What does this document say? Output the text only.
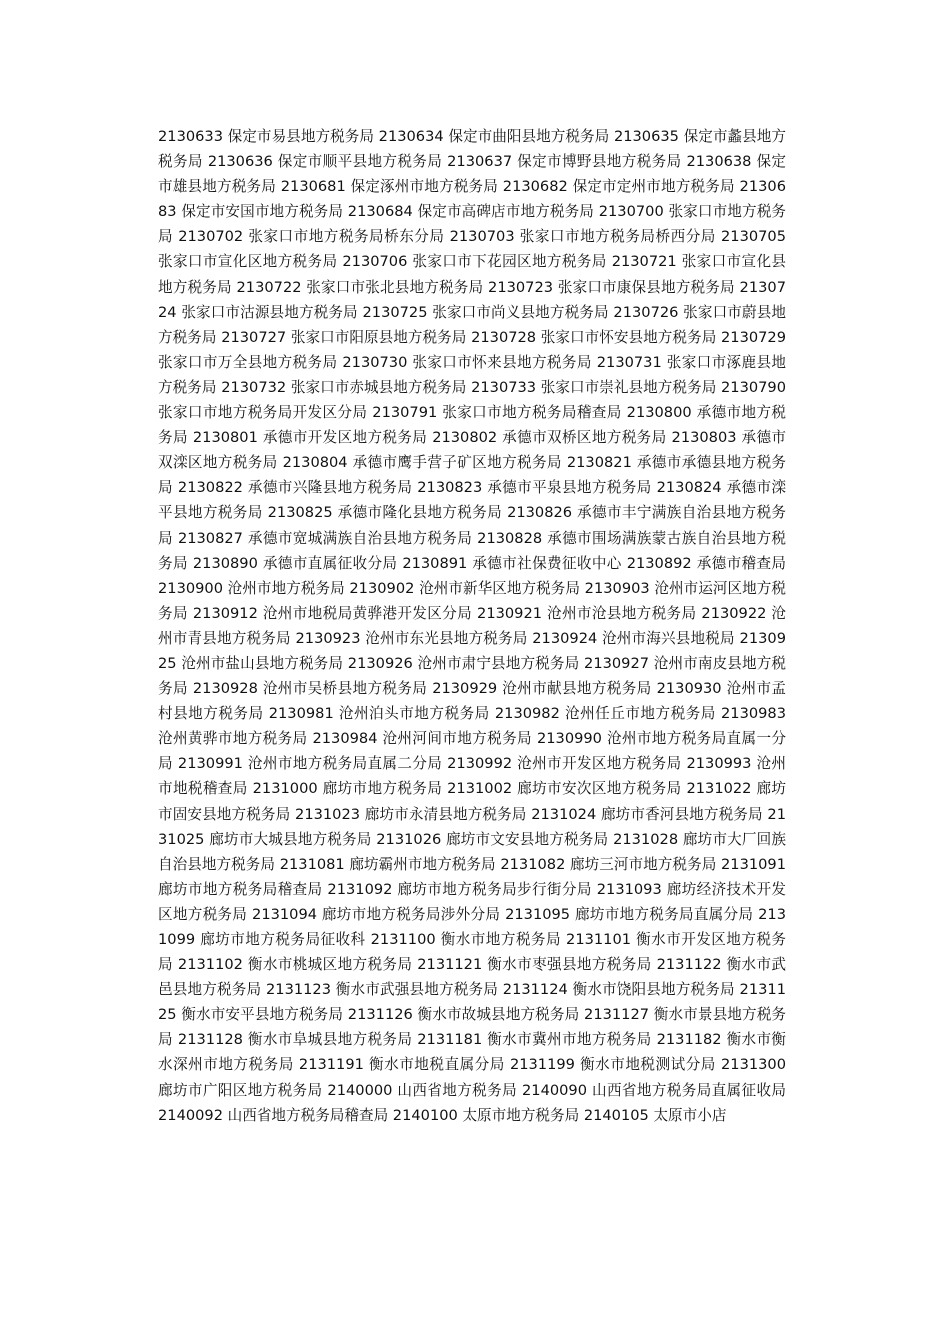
2130633 保定市易县地方税务局 2130634 保定市曲阳县地方税务局 2130635 保定市蠡县地方税务局 2130636 保定市顺平县地方税务局 2130637 保定市博野县地方税务局 2130638 保定市雄县地方税务局 2130681 保定涿州市地方税务局 2130682 保定市定州市地方税务局 2130683 保定市安国市地方税务局 2130684 保定市高碑店市地方税务局 2130700 张家口市地方税务局 2130702 张家口市地方税务局桥东分局 2130703 张家口市地方税务局桥西分局 2130705 张家口市宣化区地方税务局 2130706 张家口市下花园区地方税务局 2130721 张家口市宣化县地方税务局 2130722 张家口市张北县地方税务局 2130723 张家口市康保县地方税务局 2130724 张家口市沽源县地方税务局 2130725 张家口市尚义县地方税务局 2130726 张家口市蔚县地方税务局 2130727 张家口市阳原县地方税务局 2130728 张家口市怀安县地方税务局 2130729 张家口市万全县地方税务局 2130730 张家口市怀来县地方税务局 2130731 张家口市涿鹿县地方税务局 2130732 张家口市赤城县地方税务局 2130733 张家口市崇礼县地方税务局 2130790 张家口市地方税务局开发区分局 2130791 张家口市地方税务局稽查局 2130800 承德市地方税务局 2130801 承德市开发区地方税务局 2130802 承德市双桥区地方税务局 2130803 承德市双滦区地方税务局 2130804 承德市鹰手营子矿区地方税务局 2130821 承德市承德县地方税务局 2130822 承德市兴隆县地方税务局 2130823 承德市平泉县地方税务局 2130824 承德市滦平县地方税务局 2130825 承德市隆化县地方税务局 2130826 承德市丰宁满族自治县地方税务局 2130827 承德市宽城满族自治县地方税务局 2130828 承德市围场满族蒙古族自治县地方税务局 2130890 承德市直属征收分局 2130891 承德市社保费征收中心 2130892 承德市稽查局 2130900 沧州市地方税务局 2130902 沧州市新华区地方税务局 2130903 沧州市运河区地方税务局 2130912 沧州市地税局黄骅港开发区分局 2130921 沧州市沧县地方税务局 2130922 沧州市青县地方税务局 2130923 沧州市东光县地方税务局 2130924 沧州市海兴县地税局 2130925 沧州市盐山县地方税务局 2130926 沧州市肃宁县地方税务局 2130927 沧州市南皮县地方税务局 2130928 沧州市吴桥县地方税务局 2130929 沧州市献县地方税务局 2130930 沧州市孟村县地方税务局 2130981 沧州泊头市地方税务局 2130982 沧州任丘市地方税务局 2130983 沧州黄骅市地方税务局 2130984 沧州河间市地方税务局 2130990 沧州市地方税务局直属一分局 2130991 沧州市地方税务局直属二分局 2130992 沧州市开发区地方税务局 2130993 沧州市地税稽查局 2131000 廊坊市地方税务局 2131002 廊坊市安次区地方税务局 2131022 廊坊市固安县地方税务局 2131023 廊坊市永清县地方税务局 2131024 廊坊市香河县地方税务局 2131025 廊坊市大城县地方税务局 2131026 廊坊市文安县地方税务局 2131028 廊坊市大厂回族自治县地方税务局 2131081 廊坊霸州市地方税务局 2131082 廊坊三河市地方税务局 2131091 廊坊市地方税务局稽查局 2131092 廊坊市地方税务局步行街分局 2131093 廊坊经济技术开发区地方税务局 2131094 廊坊市地方税务局涉外分局 2131095 廊坊市地方税务局直属分局 2131099 廊坊市地方税务局征收科 2131100 衡水市地方税务局 2131101 衡水市开发区地方税务局 2131102 衡水市桃城区地方税务局 2131121 衡水市枣强县地方税务局 2131122 衡水市武邑县地方税务局 2131123 衡水市武强县地方税务局 2131124 衡水市饶阳县地方税务局 2131125 衡水市安平县地方税务局 2131126 衡水市故城县地方税务局 2131127 衡水市景县地方税务局 2131128 衡水市阜城县地方税务局 2131181 衡水市冀州市地方税务局 2131182 衡水市衡水深州市地方税务局 2131191 衡水市地税直属分局 2131199 衡水市地税测试分局 2131300 廊坊市广阳区地方税务局 2140000 山西省地方税务局 2140090 山西省地方税务局直属征收局 2140092 山西省地方税务局稽查局 2140100 太原市地方税务局 2140105 太原市小店
